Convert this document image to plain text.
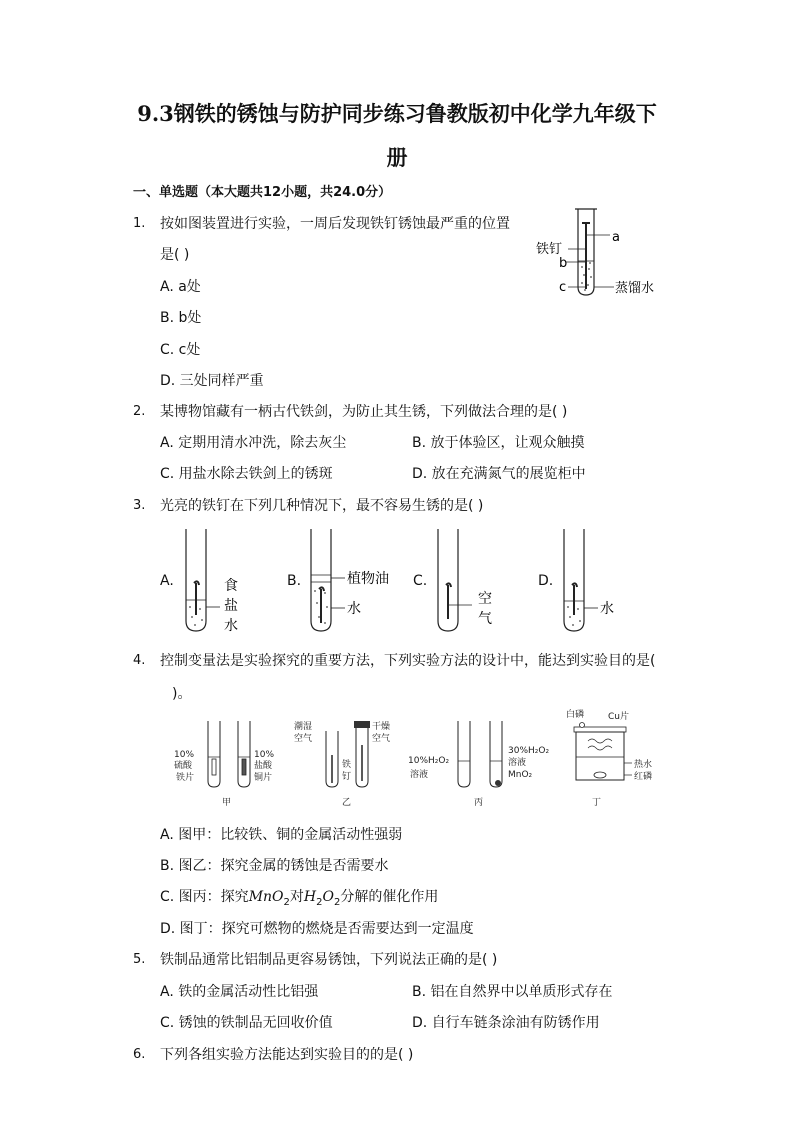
9.3钢铁的锈蚀与防护同步练习鲁教版初中化学九年级下
册
一、单选题（本大题共12小题，共24.0分）
1. 按如图装置进行实验，一周后发现铁钉锈蚀最严重的位置
是( )
A. a处
B. b处
C. c处
D. 三处同样严重
a
铁钉
b
c	蒸馏水
2. 某博物馆藏有一柄古代铁剑，为防止其生锈，下列做法合理的是( )
A. 定期用清水冲洗，除去灰尘	B. 放于体验区，让观众触摸
C. 用盐水除去铁剑上的锈斑	D. 放在充满氮气的展览柜中
3. 光亮的铁钉在下列几种情况下，最不容易生锈的是( )
A.	B.	C.	D.
食
盐
水
植物油
水
空
气
水
4. 控制变量法是实验探究的重要方法，下列实验方法的设计中，能达到实验目的是(
)。
10%
硫酸
铁片
10%
盐酸
铜片
甲
潮湿
空气
铁
钉
干燥
空气
乙
10%H₂O₂
溶液
30%H₂O₂
溶液
MnO₂
丙
白磷	Cu片
热水
红磷
丁
A. 图甲：比较铁、铜的金属活动性强弱
B. 图乙：探究金属的锈蚀是否需要水
C. 图丙：探究MnO$_2$对$H_2O_2$分解的催化作用
D. 图丁：探究可燃物的燃烧是否需要达到一定温度
5. 铁制品通常比铝制品更容易锈蚀，下列说法正确的是( )
A. 铁的金属活动性比铝强	B. 铝在自然界中以单质形式存在
C. 锈蚀的铁制品无回收价值	D. 自行车链条涂油有防锈作用
6. 下列各组实验方法能达到实验目的的是( )
